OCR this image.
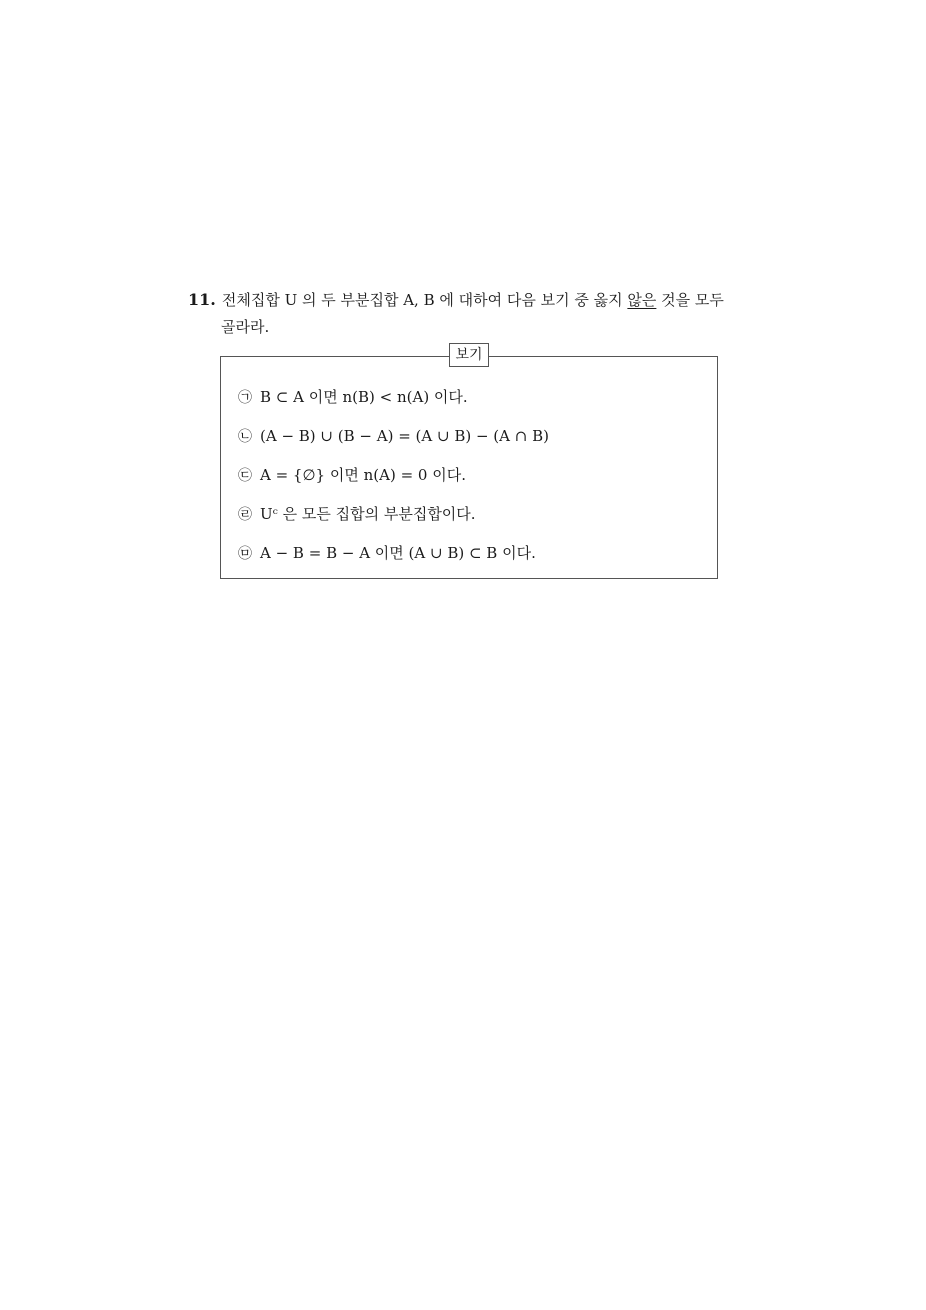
11. 전체집합 U 의 두 부분집합 A, B 에 대하여 다음 보기 중 옳지 않은 것을 모두
골라라.
보기
㉠ B ⊂ A 이면 n(B) < n(A) 이다.
㉡ (A − B) ∪ (B − A) = (A ∪ B) − (A ∩ B)
㉢ A = {∅} 이면 n(A) = 0 이다.
㉣ Uᶜ 은 모든 집합의 부분집합이다.
㉤ A − B = B − A 이면 (A ∪ B) ⊂ B 이다.
